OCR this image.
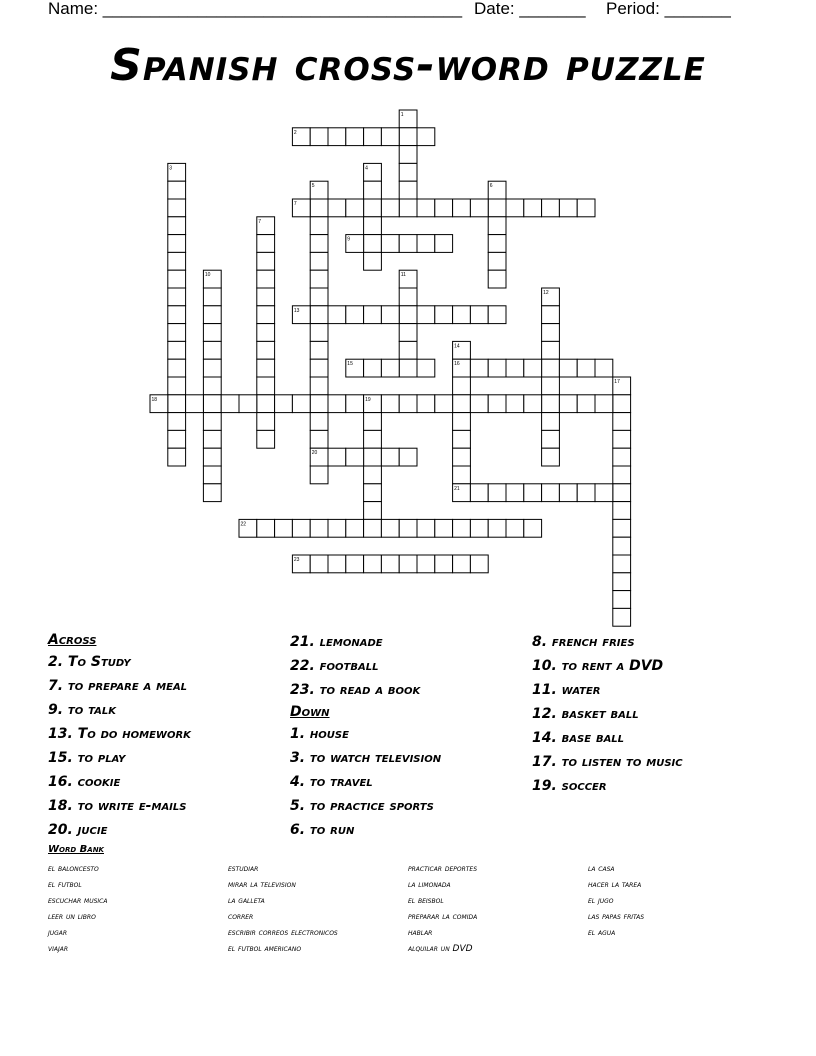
Name: ______________________________________ Date: _______ Period: _______
Spanish cross-word puzzle
1
2
3	4
5	6
7
7
9
10	11
12
13
14
15	16
17
18	19
20
21
22
23
Across
2. To Study
7. to prepare a meal
9. to talk
13. To do homework
15. to play
16. cookie
18. to write e-mails
20. jucie
21. lemonade
22. football
23. to read a book
Down
1. house
3. to watch television
4. to travel
5. to practice sports
6. to run
8. french fries
10. to rent a DVD
11. water
12. basket ball
14. base ball
17. to listen to music
19. soccer
Word Bank
el baloncesto
el futbol
escuchar musica
leer un libro
jugar
viajar
estudiar
mirar la television
la galleta
correr
escribir correos electronicos
el futbol americano
practicar deportes
la limonada
el beisbol
preparar la comida
hablar
alquilar un DVD
la casa
hacer la tarea
el jugo
las papas fritas
el agua
